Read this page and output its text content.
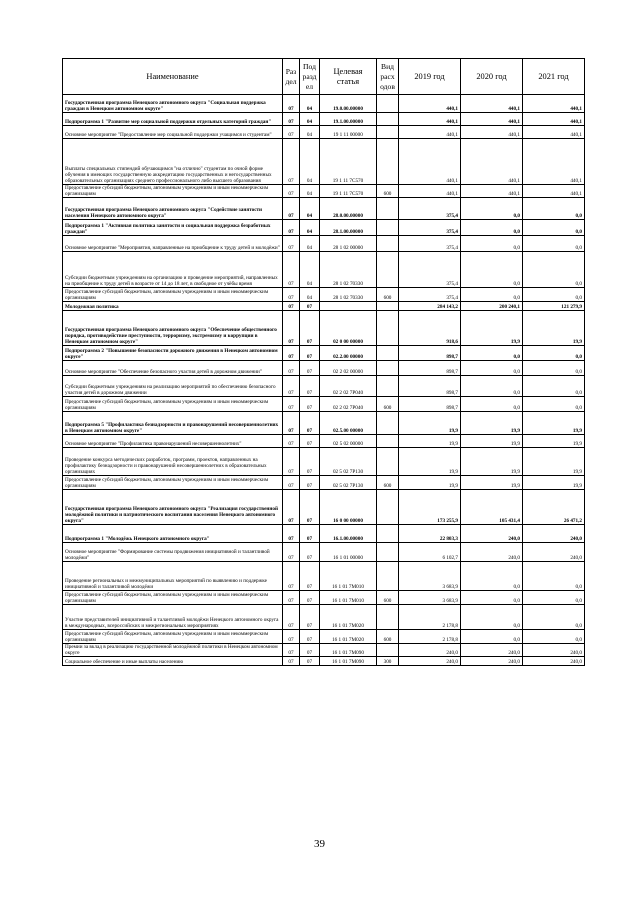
Наименование	Раздел	Подраздел	Целевая статья	Вид расходов	2019 год	2020 год	2021 год
Государственная программа Ненецкого автономного округа "Социальная поддержка граждан в Ненецком автономном округе"	07	04	19.0.00.00000		440,1	440,1	440,1
Подпрограмма 1 "Развитие мер социальной поддержки отдельных категорий граждан"	07	04	19.1.00.00000		440,1	440,1	440,1
Основное мероприятие "Предоставление мер социальной поддержки учащимся и студентам"	07	04	19 1 11 00000		440,1	440,1	440,1
Выплаты специальных стипендий обучающимся "на отлично" студентам по очной форме обучения в имеющих государственную аккредитацию государственных и негосударственных образовательных организациях среднего профессионального либо высшего образования	07	04	19 1 11 7С570		440,1	440,1	440,1
Предоставление субсидий бюджетным, автономным учреждениям и иным некоммерческим организациям	07	04	19 1 11 7С570	600	440,1	440,1	440,1
Государственная программа Ненецкого автономного округа "Содействие занятости населения Ненецкого автономного округа"	07	04	28.0.00.00000		375,4	0,0	0,0
Подпрограмма 1 "Активная политика занятости и социальная поддержка безработных граждан"	07	04	28.1.00.00000		375,4	0,0	0,0
Основное мероприятие "Мероприятия, направленные на приобщение к труду детей и молодёжи"	07	04	28 1 02 00000		375,4	0,0	0,0
Субсидии бюджетным учреждениям на организацию и проведение мероприятий, направленных на приобщение к труду детей в возрасте от 14 до 18 лет, в свободное от учёбы время	07	04	28 1 02 70330		375,4	0,0	0,0
Предоставление субсидий бюджетным, автономным учреждениям и иным некоммерческим организациям	07	04	28 1 02 70330	600	375,4	0,0	0,0
Молодежная политика	07	07			284 143,2	200 240,1	121 279,9
Государственная программа Ненецкого автономного округа "Обеспечение общественного порядка, противодействие преступности, терроризму, экстремизму и коррупции в Ненецком автономном округе"	07	07	02 0 00 00000		918,6	19,9	19,9
Подпрограмма 2 "Повышение безопасности дорожного движения в Ненецком автономном округе"	07	07	02.2.00 00000		898,7	0,0	0,0
Основное мероприятие "Обеспечение безопасного участия детей в дорожном движении"	07	07	02 2 02 00000		898,7	0,0	0,0
Субсидии бюджетным учреждениям на реализацию мероприятий по обеспечению безопасного участия детей в дорожном движении	07	07	02 2 02 7Р040		898,7	0,0	0,0
Предоставление субсидий бюджетным, автономным учреждениям и иным некоммерческим организациям	07	07	02 2 02 7Р040	600	898,7	0,0	0,0
Подпрограмма 5 "Профилактика безнадзорности и правонарушений несовершеннолетних в Ненецком автономном округе"	07	07	02.5.00 00000		19,9	19,9	19,9
Основное мероприятие "Профилактика правонарушений несовершеннолетних"	07	07	02 5 02 00000		19,9	19,9	19,9
Проведение конкурса методических разработок, программ, проектов, направленных на профилактику безнадзорности и правонарушений несовершеннолетних в образовательных организациях	07	07	02 5 02 7Р130		19,9	19,9	19,9
Предоставление субсидий бюджетным, автономным учреждениям и иным некоммерческим организациям	07	07	02 5 02 7Р130	600	19,9	19,9	19,9
Государственная программа Ненецкого автономного округа "Реализация государственной молодёжной политики и патриотического воспитания населения Ненецкого автономного округа"	07	07	16 0 00 00000		173 255,9	105 431,4	26 471,2
Подпрограмма 1 "Молодёжь Ненецкого автономного округа"	07	07	16.1.00.00000		22 803,3	240,0	240,0
Основное мероприятие "Формирование системы продвижения инициативной и талантливой молодёжи"	07	07	16 1 01 00000		6 102,7	240,0	240,0
Проведение региональных и межмуниципальных мероприятий по выявлению и поддержке инициативной и талантливой молодёжи	07	07	16 1 01 7М010		3 683,9	0,0	0,0
Предоставление субсидий бюджетным, автономным учреждениям и иным некоммерческим организациям	07	07	16 1 01 7М010	600	3 683,9	0,0	0,0
Участие представителей инициативной и талантливой молодёжи Ненецкого автономного округа в международных, всероссийских и межрегиональных мероприятиях	07	07	16 1 01 7М020		2 178,8	0,0	0,0
Предоставление субсидий бюджетным, автономным учреждениям и иным некоммерческим организациям	07	07	16 1 01 7М020	600	2 178,8	0,0	0,0
Премии за вклад в реализацию государственной молодёжной политики в Ненецком автономном округе	07	07	16 1 01 7М090		240,0	240,0	240,0
Социальное обеспечение и иные выплаты населению	07	07	16 1 01 7М090	300	240,0	240,0	240,0
39
